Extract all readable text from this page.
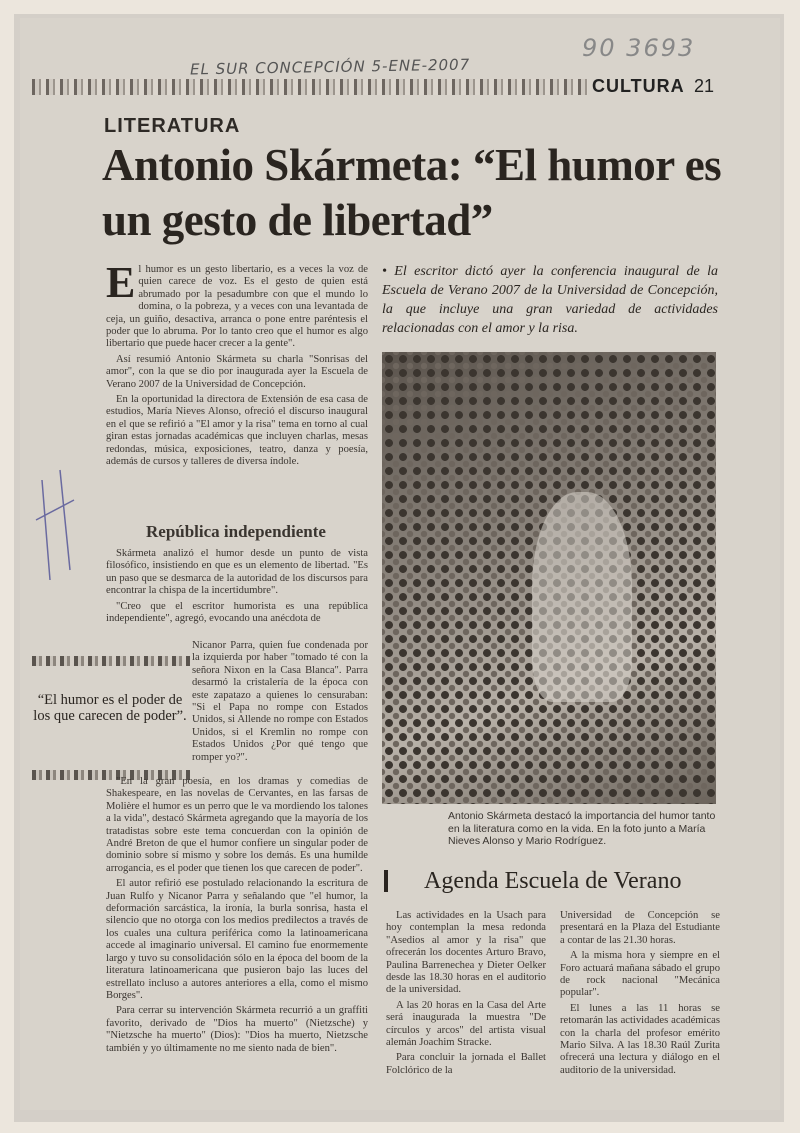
EL SUR CONCEPCIÓN 5-ENE-2007
90 3693
CULTURA 21
LITERATURA
Antonio Skármeta: “El humor es un gesto de libertad”

El humor es un gesto libertario, es a veces la voz de quien carece de voz. Es el gesto de quien está abrumado por la pesadumbre con que el mundo lo domina, o la pobreza, y a veces con una levantada de ceja, un guiño, desactiva, arranca o pone entre paréntesis el poder que lo abruma. Por lo tanto creo que el humor es algo libertario que puede hacer crecer a la gente".

Así resumió Antonio Skármeta su charla "Sonrisas del amor", con la que se dio por inaugurada ayer la Escuela de Verano 2007 de la Universidad de Concepción.

En la oportunidad la directora de Extensión de esa casa de estudios, María Nieves Alonso, ofreció el discurso inaugural en el que se refirió a "El amor y la risa" tema en torno al cual giran estas jornadas académicas que incluyen charlas, mesas redondas, música, exposiciones, teatro, danza y poesía, además de cursos y talleres de diversa índole.

República independiente

Skármeta analizó el humor desde un punto de vista filosófico, insistiendo en que es un elemento de libertad. "Es un paso que se desmarca de la autoridad de los discursos para encontrar la chispa de la incertidumbre".

"Creo que el escritor humorista es una república independiente", agregó, evocando una anécdota de

“El humor es el poder de los que carecen de poder”.

Nicanor Parra, quien fue condenada por la izquierda por haber "tomado té con la señora Nixon en la Casa Blanca". Parra desarmó la cristalería de la época con este zapatazo a quienes lo censuraban: "Si el Papa no rompe con Estados Unidos, si Allende no rompe con Estados Unidos, si el Kremlin no rompe con Estados Unidos ¿Por qué tengo que romper yo?".

"En la gran poesía, en los dramas y comedias de Shakespeare, en las novelas de Cervantes, en las farsas de Molière el humor es un perro que le va mordiendo los talones a la vida", destacó Skármeta agregando que la mayoría de los tratadistas sobre este tema concuerdan con la opinión de André Breton de que el humor confiere un singular poder de dominio sobre sí mismo y sobre los demás. Es una humilde arrogancia, es el poder que tienen los que carecen de poder".

El autor refirió ese postulado relacionando la escritura de Juan Rulfo y Nicanor Parra y señalando que "el humor, la deformación sarcástica, la ironía, la burla sonrisa, hasta el silencio que no otorga con los medios predilectos a través de los cuales una cultura periférica como la latinoamericana accede al imaginario universal. El camino fue enormemente largo y tuvo su consolidación sólo en la época del boom de la literatura latinoamericana que pusieron bajo las luces del estrellato incluso a autores anteriores a ella, como el mismo Borges".

Para cerrar su intervención Skármeta recurrió a un graffiti favorito, derivado de "Dios ha muerto" (Nietzsche) y "Nietzsche ha muerto" (Dios): "Dios ha muerto, Nietzsche también y yo últimamente no me siento nada de bien".

• El escritor dictó ayer la conferencia inaugural de la Escuela de Verano 2007 de la Universidad de Concepción, la que incluye una gran variedad de actividades relacionadas con el amor y la risa.
Antonio Skármeta destacó la importancia del humor tanto en la literatura como en la vida. En la foto junto a María Nieves Alonso y Mario Rodríguez.
Agenda Escuela de Verano

Las actividades en la Usach para hoy contemplan la mesa redonda "Asedios al amor y la risa" que ofrecerán los docentes Arturo Bravo, Paulina Barrenechea y Dieter Oelker desde las 18.30 horas en el auditorio de la universidad.

A las 20 horas en la Casa del Arte será inaugurada la muestra "De círculos y arcos" del artista visual alemán Joachim Stracke.

Para concluir la jornada el Ballet Folclórico de la

Universidad de Concepción se presentará en la Plaza del Estudiante a contar de las 21.30 horas.

A la misma hora y siempre en el Foro actuará mañana sábado el grupo de rock nacional "Mecánica popular".

El lunes a las 11 horas se retomarán las actividades académicas con la charla del profesor emérito Mario Silva. A las 18.30 Raúl Zurita ofrecerá una lectura y diálogo en el auditorio de la universidad.
